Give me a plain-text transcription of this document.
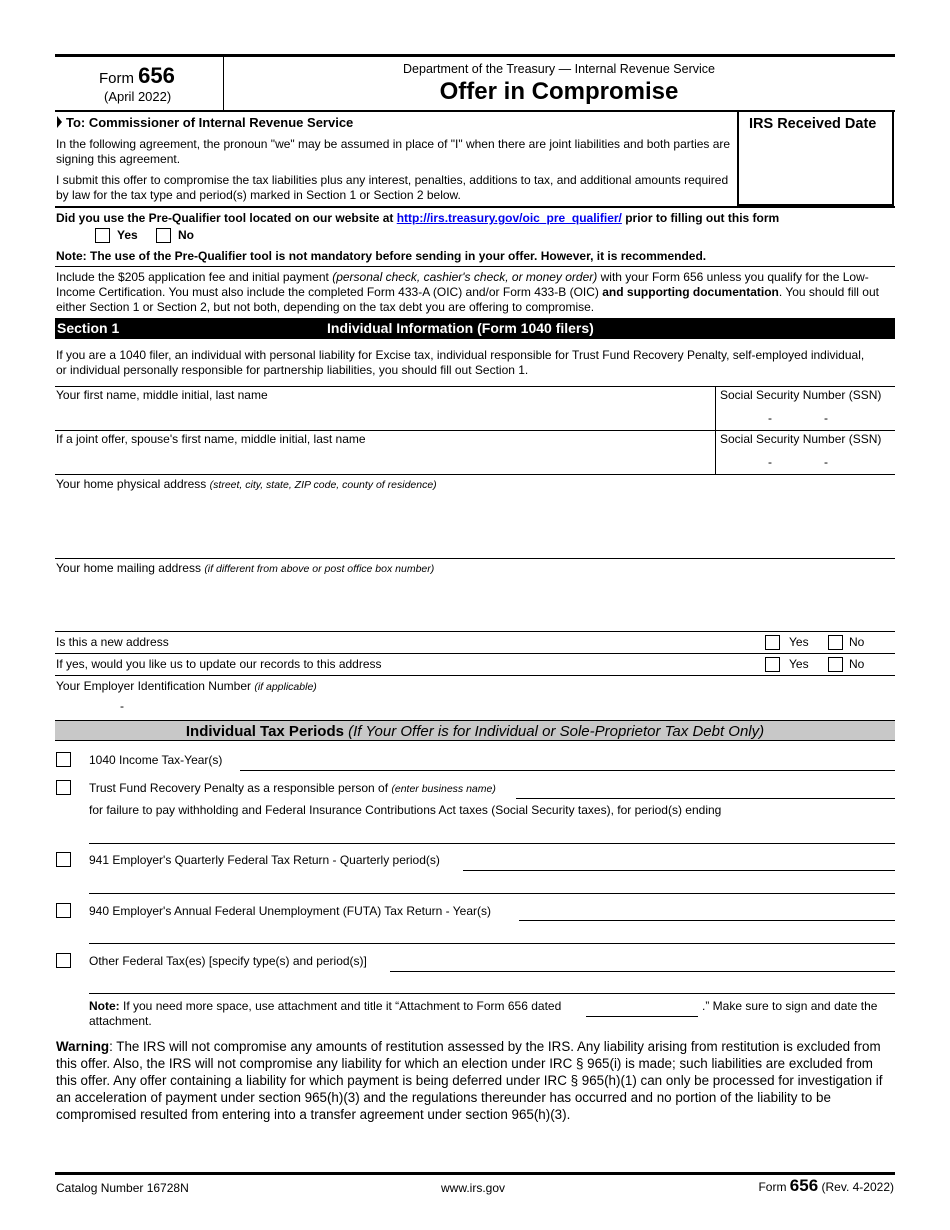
Form 656
(April 2022)
Department of the Treasury — Internal Revenue Service
Offer in Compromise
IRS Received Date
To: Commissioner of Internal Revenue Service
In the following agreement, the pronoun "we" may be assumed in place of "I" when there are joint liabilities and both parties are signing this agreement.
I submit this offer to compromise the tax liabilities plus any interest, penalties, additions to tax, and additional amounts required by law for the tax type and period(s) marked in Section 1 or Section 2 below.
Did you use the Pre-Qualifier tool located on our website at http://irs.treasury.gov/oic_pre_qualifier/ prior to filling out this form
Yes	No
Note: The use of the Pre-Qualifier tool is not mandatory before sending in your offer. However, it is recommended.
Include the $205 application fee and initial payment (personal check, cashier's check, or money order) with your Form 656 unless you qualify for the Low-Income Certification. You must also include the completed Form 433-A (OIC) and/or Form 433-B (OIC) and supporting documentation. You should fill out either Section 1 or Section 2, but not both, depending on the tax debt you are offering to compromise.
Section 1	Individual Information (Form 1040 filers)
If you are a 1040 filer, an individual with personal liability for Excise tax, individual responsible for Trust Fund Recovery Penalty, self-employed individual, or individual personally responsible for partnership liabilities, you should fill out Section 1.
Your first name, middle initial, last name	Social Security Number (SSN)
-	-
If a joint offer, spouse's first name, middle initial, last name	Social Security Number (SSN)
-	-
Your home physical address (street, city, state, ZIP code, county of residence)
Your home mailing address (if different from above or post office box number)
Is this a new address	Yes	No
If yes, would you like us to update our records to this address	Yes	No
Your Employer Identification Number (if applicable)
-
Individual Tax Periods (If Your Offer is for Individual or Sole-Proprietor Tax Debt Only)
1040 Income Tax-Year(s)
Trust Fund Recovery Penalty as a responsible person of (enter business name)
for failure to pay withholding and Federal Insurance Contributions Act taxes (Social Security taxes), for period(s) ending
941 Employer's Quarterly Federal Tax Return - Quarterly period(s)
940 Employer's Annual Federal Unemployment (FUTA) Tax Return - Year(s)
Other Federal Tax(es) [specify type(s) and period(s)]
Note: If you need more space, use attachment and title it “Attachment to Form 656 dated	.” Make sure to sign and date the
attachment.
Warning: The IRS will not compromise any amounts of restitution assessed by the IRS. Any liability arising from restitution is excluded from this offer. Also, the IRS will not compromise any liability for which an election under IRC § 965(i) is made; such liabilities are excluded from this offer. Any offer containing a liability for which payment is being deferred under IRC § 965(h)(1) can only be processed for investigation if an acceleration of payment under section 965(h)(3) and the regulations thereunder has occurred and no portion of the liability to be compromised resulted from entering into a transfer agreement under section 965(h)(3).
Catalog Number 16728N	www.irs.gov	Form 656 (Rev. 4-2022)
